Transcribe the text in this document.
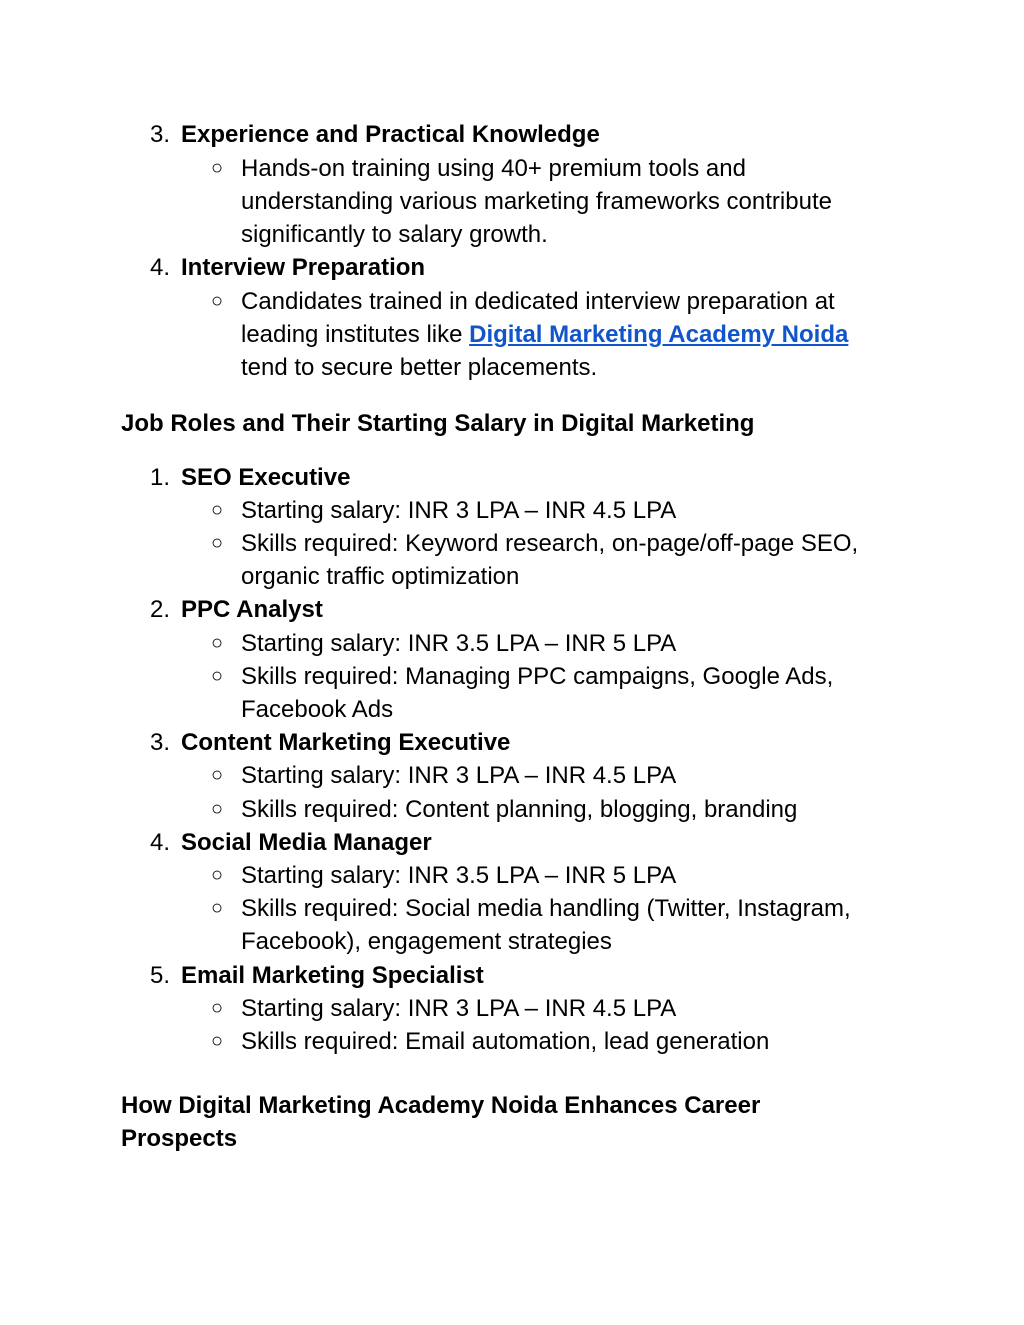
3. Experience and Practical Knowledge
○ Hands-on training using 40+ premium tools and
understanding various marketing frameworks contribute
significantly to salary growth.
4. Interview Preparation
○ Candidates trained in dedicated interview preparation at
leading institutes like Digital Marketing Academy Noida
tend to secure better placements.
Job Roles and Their Starting Salary in Digital Marketing
1. SEO Executive
○ Starting salary: INR 3 LPA – INR 4.5 LPA
○ Skills required: Keyword research, on-page/off-page SEO,
organic traffic optimization
2. PPC Analyst
○ Starting salary: INR 3.5 LPA – INR 5 LPA
○ Skills required: Managing PPC campaigns, Google Ads,
Facebook Ads
3. Content Marketing Executive
○ Starting salary: INR 3 LPA – INR 4.5 LPA
○ Skills required: Content planning, blogging, branding
4. Social Media Manager
○ Starting salary: INR 3.5 LPA – INR 5 LPA
○ Skills required: Social media handling (Twitter, Instagram,
Facebook), engagement strategies
5. Email Marketing Specialist
○ Starting salary: INR 3 LPA – INR 4.5 LPA
○ Skills required: Email automation, lead generation
How Digital Marketing Academy Noida Enhances Career
Prospects
